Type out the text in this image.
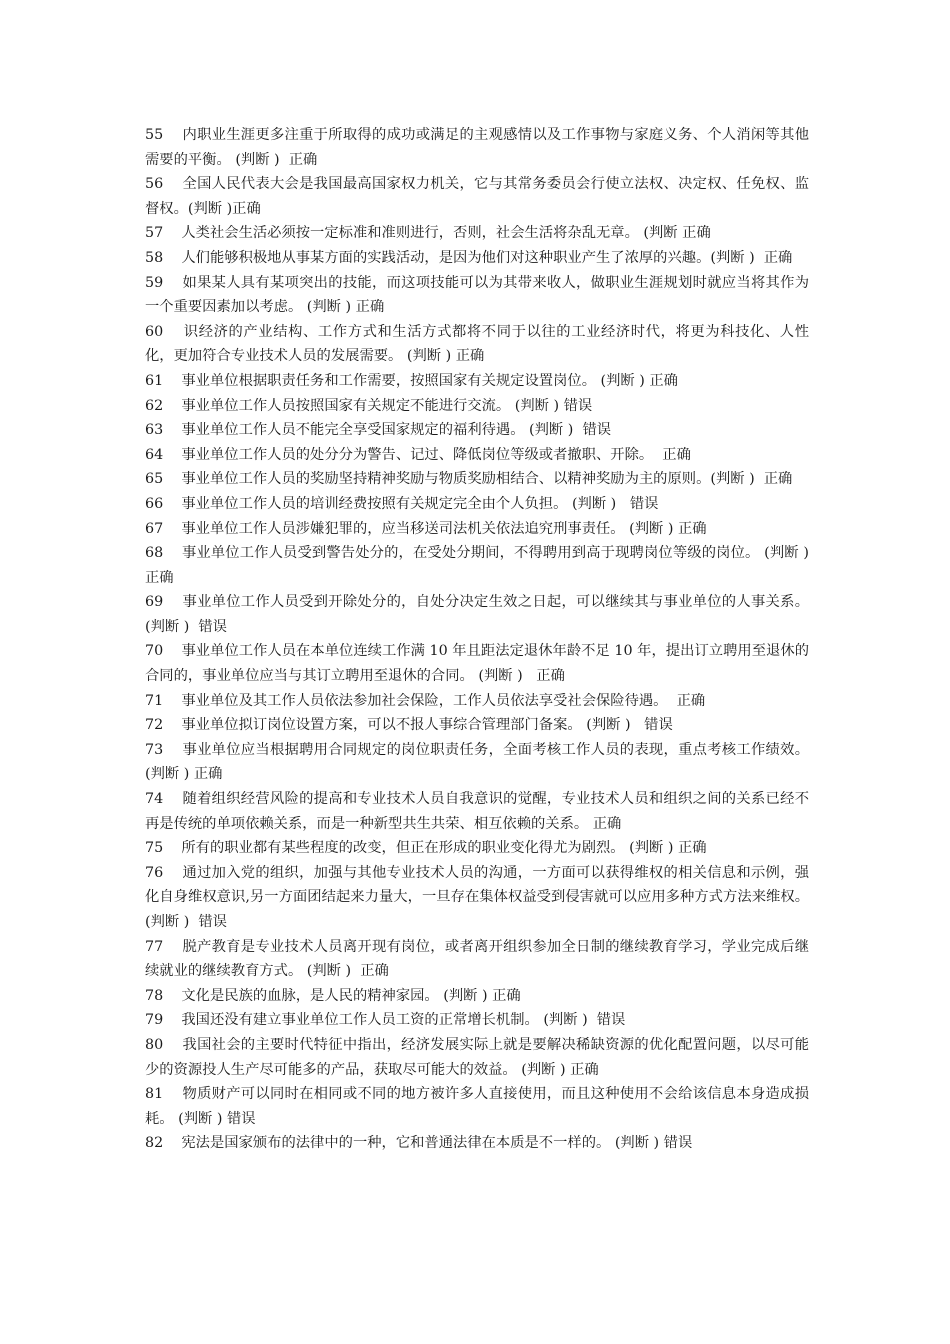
55 内职业生涯更多注重于所取得的成功或满足的主观感情以及工作事物与家庭义务、个人消闲等其他需要的平衡。 (判断 )  正确

56 全国人民代表大会是我国最高国家权力机关，它与其常务委员会行使立法权、决定权、任免权、监督权。(判断 )正确

57 人类社会生活必须按一定标准和准则进行，否则，社会生活将杂乱无章。 (判断 正确

58 人们能够积极地从事某方面的实践活动，是因为他们对这种职业产生了浓厚的兴趣。(判断 )  正确

59 如果某人具有某项突出的技能，而这项技能可以为其带来收人，做职业生涯规划时就应当将其作为一个重要因素加以考虑。 (判断 ) 正确

60 识经济的产业结构、工作方式和生活方式都将不同于以往的工业经济时代，将更为科技化、人性化，更加符合专业技术人员的发展需要。 (判断 ) 正确

61 事业单位根据职责任务和工作需要，按照国家有关规定设置岗位。 (判断 ) 正确

62 事业单位工作人员按照国家有关规定不能进行交流。 (判断 ) 错误

63 事业单位工作人员不能完全享受国家规定的福利待遇。 (判断 )  错误

64 事业单位工作人员的处分分为警告、记过、降低岗位等级或者撤职、开除。  正确

65 事业单位工作人员的奖励坚持精神奖励与物质奖励相结合、以精神奖励为主的原则。(判断 )  正确

66 事业单位工作人员的培训经费按照有关规定完全由个人负担。 (判断 )   错误

67 事业单位工作人员涉嫌犯罪的，应当移送司法机关依法追究刑事责任。 (判断 ) 正确

68 事业单位工作人员受到警告处分的，在受处分期间，不得聘用到高于现聘岗位等级的岗位。 (判断 )  正确

69 事业单位工作人员受到开除处分的，自处分决定生效之日起，可以继续其与事业单位的人事关系。 (判断 )  错误

70 事业单位工作人员在本单位连续工作满 10 年且距法定退休年龄不足 10 年，提出订立聘用至退休的合同的，事业单位应当与其订立聘用至退休的合同。 (判断 )   正确

71 事业单位及其工作人员依法参加社会保险，工作人员依法享受社会保险待遇。  正确

72 事业单位拟订岗位设置方案，可以不报人事综合管理部门备案。 (判断 )   错误

73 事业单位应当根据聘用合同规定的岗位职责任务，全面考核工作人员的表现，重点考核工作绩效。 (判断 ) 正确

74 随着组织经营风险的提高和专业技术人员自我意识的觉醒，专业技术人员和组织之间的关系已经不再是传统的单项依赖关系，而是一种新型共生共荣、相互依赖的关系。 正确

75 所有的职业都有某些程度的改变，但正在形成的职业变化得尤为剧烈。 (判断 ) 正确

76 通过加入党的组织，加强与其他专业技术人员的沟通，一方面可以获得维权的相关信息和示例，强化自身维权意识,另一方面团结起来力量大，一旦存在集体权益受到侵害就可以应用多种方式方法来维权。 (判断 )  错误

77 脱产教育是专业技术人员离开现有岗位，或者离开组织参加全日制的继续教育学习，学业完成后继续就业的继续教育方式。 (判断 )  正确

78 文化是民族的血脉，是人民的精神家园。 (判断 ) 正确

79 我国还没有建立事业单位工作人员工资的正常增长机制。 (判断 )  错误

80 我国社会的主要时代特征中指出，经济发展实际上就是要解决稀缺资源的优化配置问题，以尽可能少的资源投人生产尽可能多的产品，获取尽可能大的效益。 (判断 ) 正确

81 物质财产可以同时在相同或不同的地方被许多人直接使用，而且这种使用不会给该信息本身造成损耗。 (判断 ) 错误

82 宪法是国家颁布的法律中的一种，它和普通法律在本质是不一样的。 (判断 ) 错误
